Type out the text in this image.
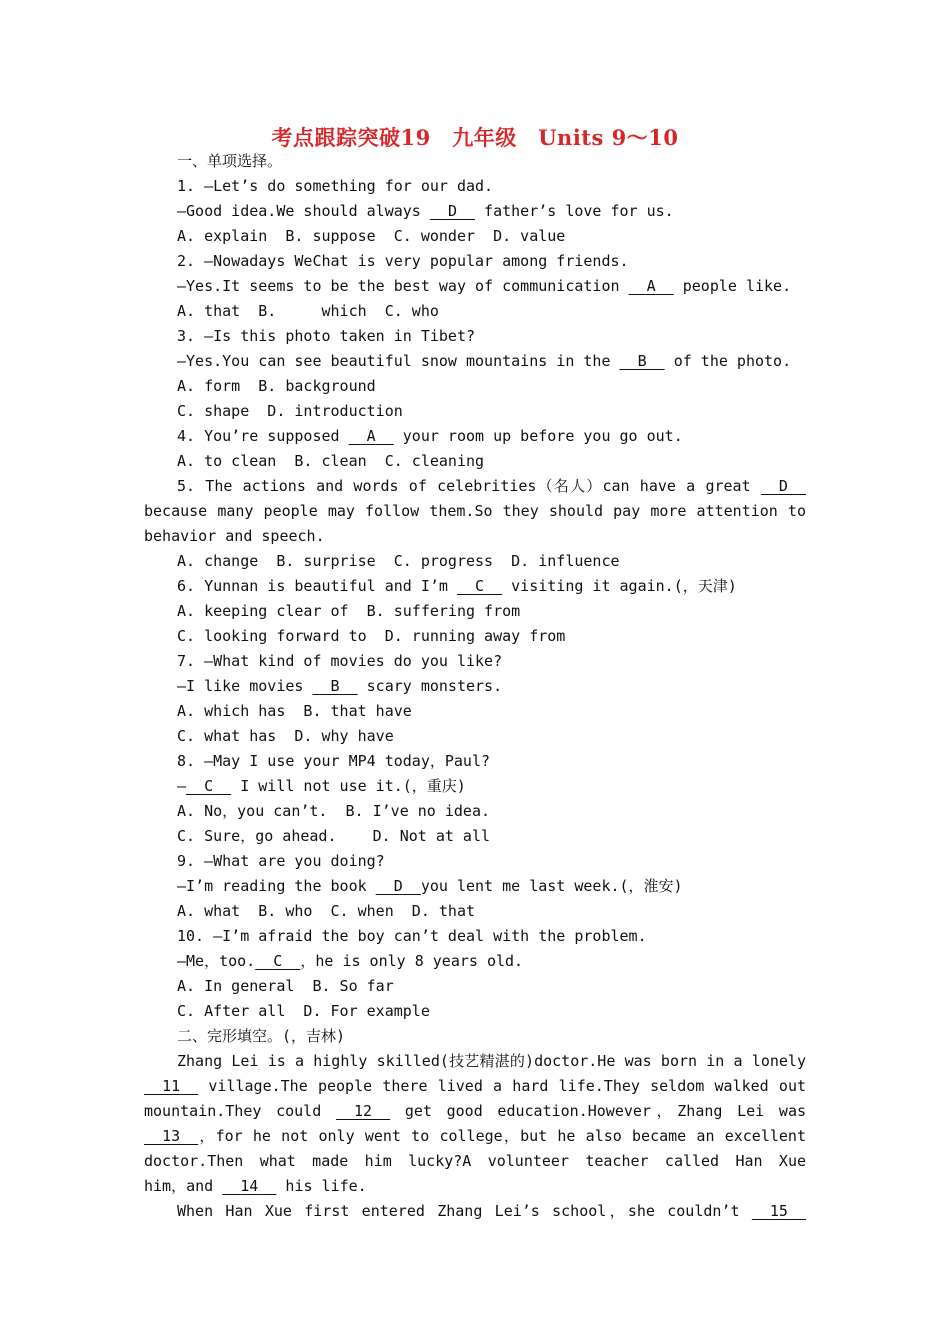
考点跟踪突破19　九年级　Units 9～10
一、单项选择。
1. —Let’s do something for our dad.
—Good idea.We should always   D   father’s love for us.
A. explain  B. suppose  C. wonder  D. value
2. —Nowadays WeChat is very popular among friends.
—Yes.It seems to be the best way of communication   A   people like.
A. that  B.     which  C. who
3. —Is this photo taken in Tibet?
—Yes.You can see beautiful snow mountains in the   B   of the photo.
A. form  B. background
C. shape  D. introduction
4. You’re supposed   A   your room up before you go out.
A. to clean  B. clean  C. cleaning
5. The actions and words of celebrities（名人）can have a great   D
because many people may follow them.So they should pay more attention to
behavior and speech.
A. change  B. surprise  C. progress  D. influence
6. Yunnan is beautiful and I’m   C   visiting it again.(，天津)
A. keeping clear of  B. suffering from
C. looking forward to  D. running away from
7. —What kind of movies do you like?
—I like movies   B   scary monsters.
A. which has  B. that have
C. what has  D. why have
8. —May I use your MP4 today，Paul?
— C   I will not use it.(，重庆)
A. No，you can’t.  B. I’ve no idea.
C. Sure，go ahead.    D. Not at all
9. —What are you doing?
—I’m reading the book   D you lent me last week.(，淮安)
A. what  B. who  C. when  D. that
10. —I’m afraid the boy can’t deal with the problem.
—Me，too. C ，he is only 8 years old.
A. In general  B. So far
C. After all  D. For example
二、完形填空。(，吉林)
Zhang Lei is a highly skilled(技艺精湛的)doctor.He was born in a lonely
11   village.The people there lived a hard life.They seldom walked out
mountain.They could   12   get good education.However，Zhang Lei was
13 ，for he not only went to college，but he also became an excellent
doctor.Then what made him lucky?A volunteer teacher called Han Xue
him，and   14   his life.
When Han Xue first entered Zhang Lei’s school，she couldn’t   15
